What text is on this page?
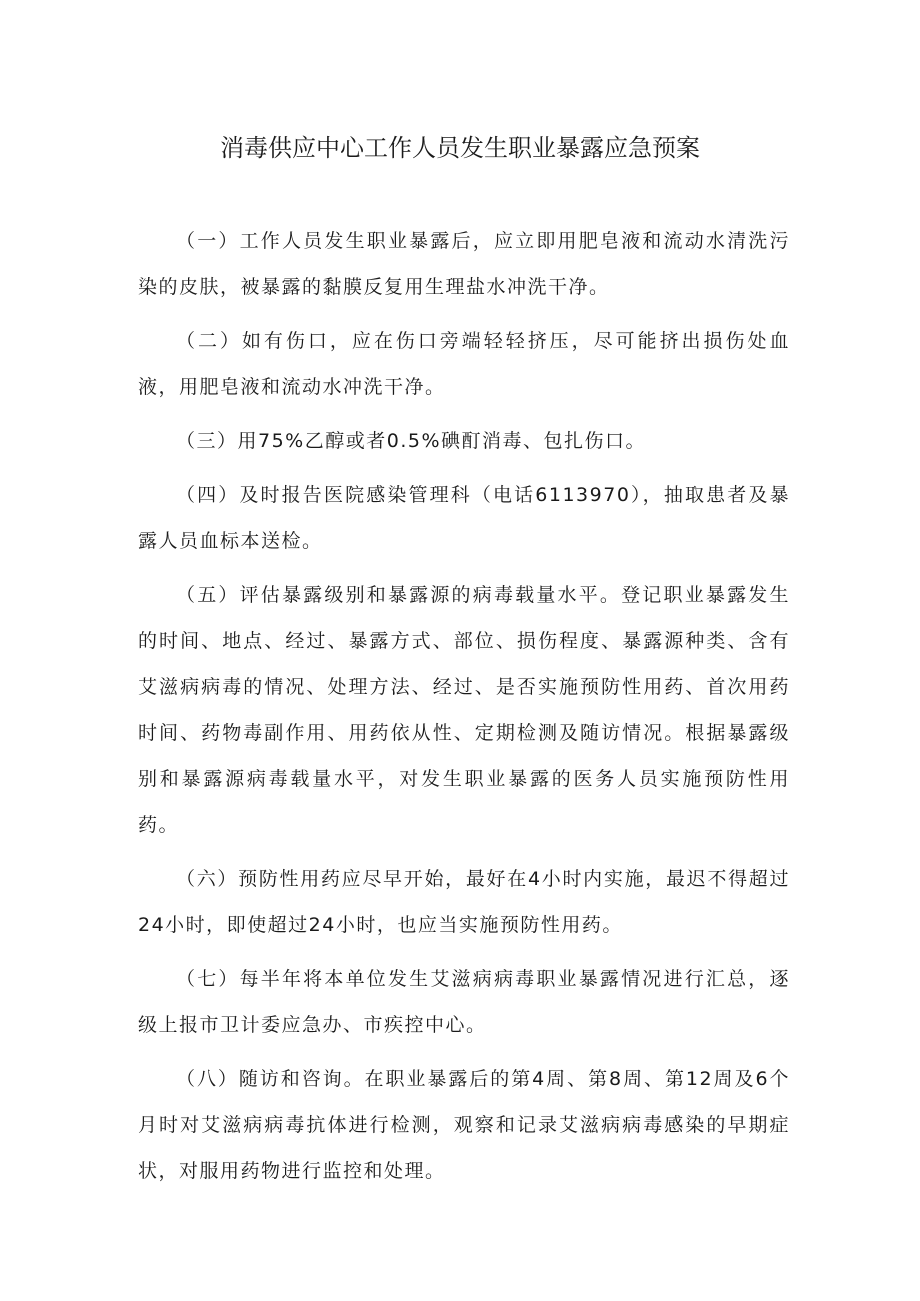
消毒供应中心工作人员发生职业暴露应急预案

（一）工作人员发生职业暴露后，应立即用肥皂液和流动水清洗污染的皮肤，被暴露的黏膜反复用生理盐水冲洗干净。

（二）如有伤口，应在伤口旁端轻轻挤压，尽可能挤出损伤处血液，用肥皂液和流动水冲洗干净。

（三）用75%乙醇或者0.5%碘酊消毒、包扎伤口。

（四）及时报告医院感染管理科（电话6113970），抽取患者及暴露人员血标本送检。

（五）评估暴露级别和暴露源的病毒载量水平。登记职业暴露发生的时间、地点、经过、暴露方式、部位、损伤程度、暴露源种类、含有艾滋病病毒的情况、处理方法、经过、是否实施预防性用药、首次用药时间、药物毒副作用、用药依从性、定期检测及随访情况。根据暴露级别和暴露源病毒载量水平，对发生职业暴露的医务人员实施预防性用药。

（六）预防性用药应尽早开始，最好在4小时内实施，最迟不得超过24小时，即使超过24小时，也应当实施预防性用药。

（七）每半年将本单位发生艾滋病病毒职业暴露情况进行汇总，逐级上报市卫计委应急办、市疾控中心。

（八）随访和咨询。在职业暴露后的第4周、第8周、第12周及6个月时对艾滋病病毒抗体进行检测，观察和记录艾滋病病毒感染的早期症状，对服用药物进行监控和处理。
